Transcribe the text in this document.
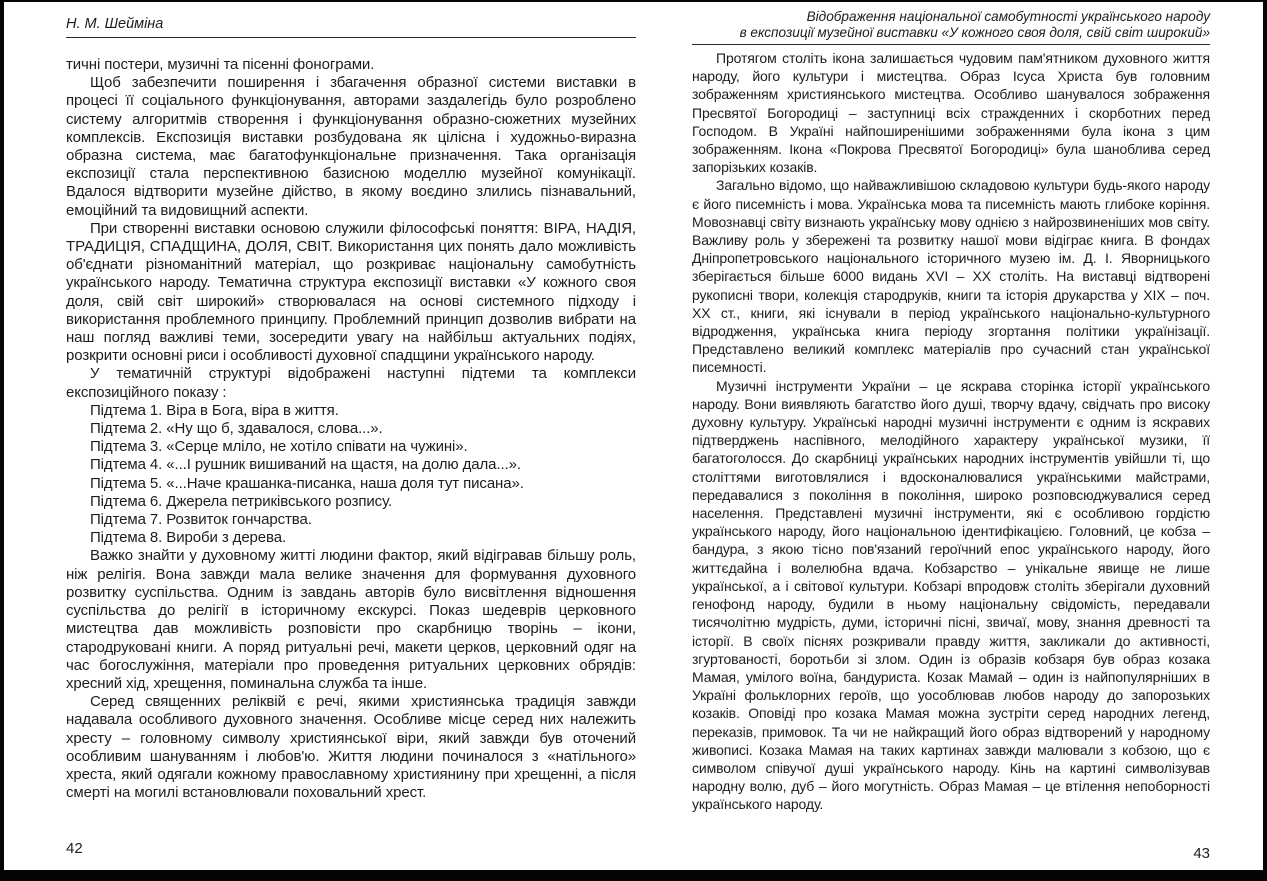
Н. М. Шейміна	Відображення національної самобутності українського народу
в експозиції музейної виставки «У кожного своя доля, свій світ широкий»
тичні постери, музичні та пісенні фонограми.
Щоб забезпечити поширення і збагачення образної системи виставки в процесі її соціального функціонування, авторами заздалегідь було розроблено систему алгоритмів створення і функціонування образно-сюжетних музейних комплексів. Експозиція виставки розбудована як цілісна і художньо-виразна образна система, має багатофункціональне призначення. Така організація експозиції стала перспективною базисною моделлю музейної комунікації. Вдалося відтворити музейне дійство, в якому воєдино злились пізнавальний, емоційний та видовищний аспекти.
При створенні виставки основою служили філософські поняття: ВІРА, НАДІЯ, ТРАДИЦІЯ, СПАДЩИНА, ДОЛЯ, СВІТ. Використання цих понять дало можливість об'єднати різноманітний матеріал, що розкриває національну самобутність українського народу. Тематична структура експозиції виставки «У кожного своя доля, свій світ широкий» створювалася на основі системного підходу і використання проблемного принципу. Проблемний принцип дозволив вибрати на наш погляд важливі теми, зосередити увагу на найбільш актуальних подіях, розкрити основні риси і особливості духовної спадщини українського народу.
У тематичній структурі відображені наступні підтеми та комплекси експозиційного показу :
Підтема 1. Віра в Бога, віра в життя.
Підтема 2. «Ну що б, здавалося, слова...».
Підтема 3. «Серце мліло, не хотіло співати на чужині».
Підтема 4. «...І рушник вишиваний на щастя, на долю дала...».
Підтема 5. «...Наче крашанка-писанка, наша доля тут писана».
Підтема 6. Джерела петриківського розпису.
Підтема 7. Розвиток гончарства.
Підтема 8. Вироби з дерева.
Важко знайти у духовному житті людини фактор, який відігравав більшу роль, ніж релігія. Вона завжди мала велике значення для формування духовного розвитку суспільства. Одним із завдань авторів було висвітлення відношення суспільства до релігії в історичному екскурсі. Показ шедеврів церковного мистецтва дав можливість розповісти про скарбницю творінь – ікони, стародруковані книги. А поряд ритуальні речі, макети церков, церковний одяг на час богослужіння, матеріали про проведення ритуальних церковних обрядів: хресний хід, хрещення, поминальна служба та інше.
Серед священних реліквій є речі, якими християнська традиція завжди надавала особливого духовного значення. Особливе місце серед них належить хресту – головному символу християнської віри, який завжди був оточений особливим шануванням і любов'ю. Життя людини починалося з «натільного» хреста, який одягали кожному православному християнину при хрещенні, а після смерті на могилі встановлювали поховальний хрест.
Протягом століть ікона залишається чудовим пам'ятником духовного життя народу, його культури і мистецтва. Образ Ісуса Христа був головним зображенням християнського мистецтва. Особливо шанувалося зображення Пресвятої Богородиці – заступниці всіх стражденних і скорботних перед Господом. В Україні найпоширенішими зображеннями була ікона з цим зображенням. Ікона «Покрова Пресвятої Богородиці» була шаноблива серед запорізьких козаків.
Загально відомо, що найважливішою складовою культури будь-якого народу є його писемність і мова. Українська мова та писемність мають глибоке коріння. Мовознавці світу визнають українську мову однією з найрозвиненіших мов світу. Важливу роль у збережені та розвитку нашої мови відіграє книга. В фондах Дніпропетровського національного історичного музею ім. Д. І. Яворницького зберігається більше 6000 видань XVI – XX століть. На виставці відтворені рукописні твори, колекція стародруків, книги та історія друкарства у XIX – поч. XX ст., книги, які існували в період українського національно-культурного відродження, українська книга періоду згортання політики українізації. Представлено великий комплекс матеріалів про сучасний стан української писемності.
Музичні інструменти України – це яскрава сторінка історії українського народу. Вони виявляють багатство його душі, творчу вдачу, свідчать про високу духовну культуру. Українські народні музичні інструменти є одним із яскравих підтверджень наспівного, мелодійного характеру української музики, її багатоголосся. До скарбниці українських народних інструментів увійшли ті, що століттями виготовлялися і вдосконалювалися українськими майстрами, передавалися з покоління в покоління, широко розповсюджувалися серед населення. Представлені музичні інструменти, які є особливою гордістю українського народу, його національною ідентифікацією. Головний, це кобза – бандура, з якою тісно пов'язаний героїчний епос українського народу, його життєдайна і волелюбна вдача. Кобзарство – унікальне явище не лише української, а і світової культури. Кобзарі впродовж століть зберігали духовний генофонд народу, будили в ньому національну свідомість, передавали тисячолітню мудрість, думи, історичні пісні, звичаї, мову, знання древності та історії. В своїх піснях розкривали правду життя, закликали до активності, згуртованості, боротьби зі злом. Один із образів кобзаря був образ козака Мамая, умілого воїна, бандуриста. Козак Мамай – один із найпопулярніших в Україні фольклорних героїв, що уособлював любов народу до запорозьких козаків. Оповіді про козака Мамая можна зустріти серед народних легенд, переказів, примовок. Та чи не найкращий його образ відтворений у народному живописі. Козака Мамая на таких картинах завжди малювали з кобзою, що є символом співучої душі українського народу. Кінь на картині символізував народну волю, дуб – його могутність. Образ Мамая – це втілення непоборності українського народу.
42	43
